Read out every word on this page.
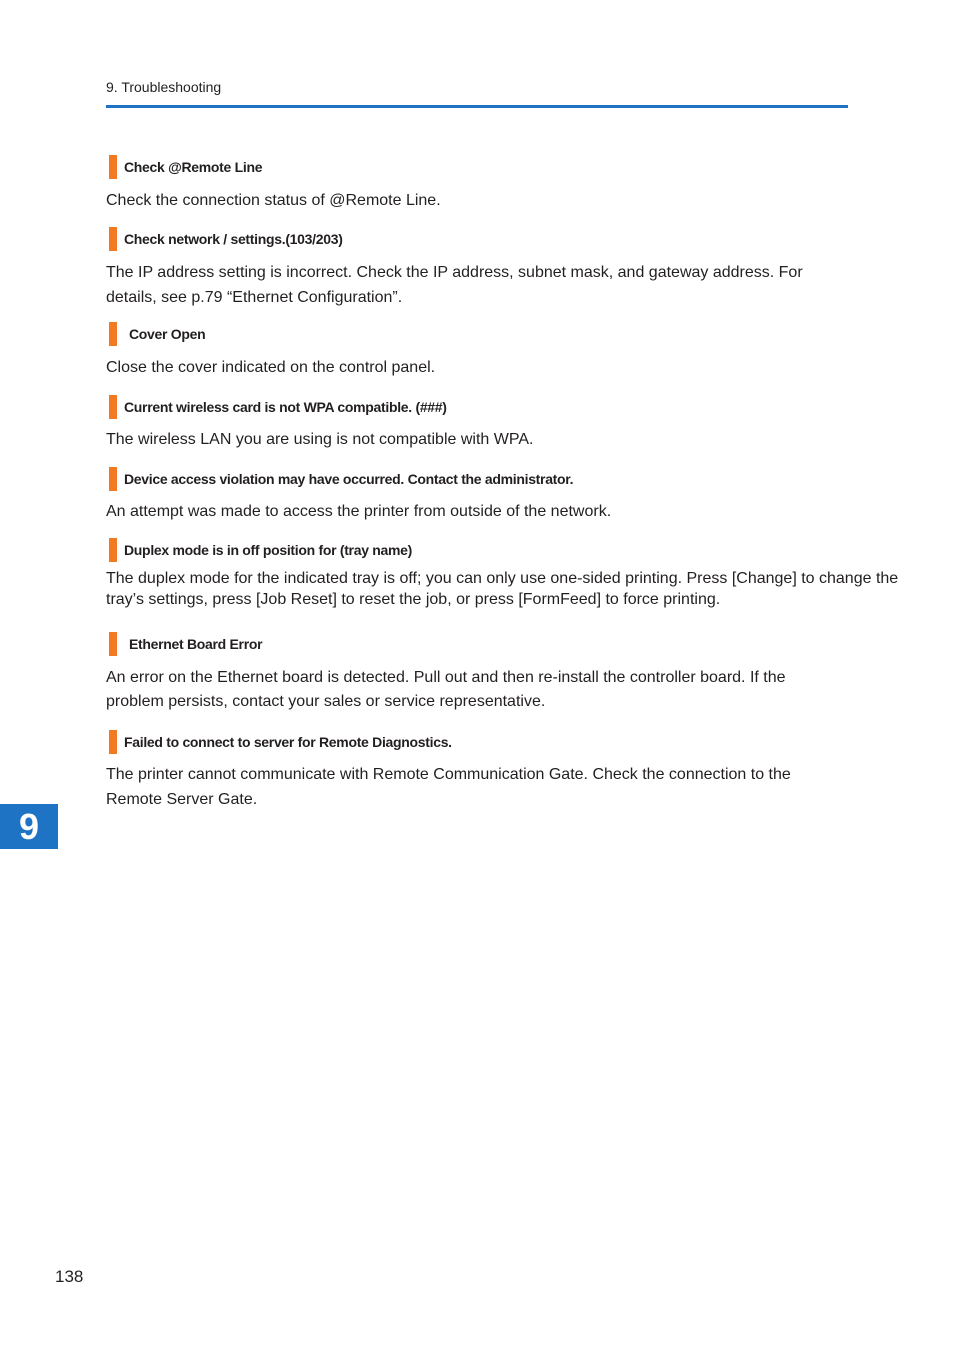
9. Troubleshooting
Check @Remote Line

Check the connection status of @Remote Line.

Check network / settings.(103/203)

The IP address setting is incorrect. Check the IP address, subnet mask, and gateway address. For details, see p.79 “Ethernet Configuration”.

Cover Open

Close the cover indicated on the control panel.

Current wireless card is not WPA compatible. (###)

The wireless LAN you are using is not compatible with WPA.

Device access violation may have occurred. Contact the administrator.

An attempt was made to access the printer from outside of the network.

Duplex mode is in off position for (tray name)

The duplex mode for the indicated tray is off; you can only use one-sided printing. Press [Change] to change the tray’s settings, press [Job Reset] to reset the job, or press [FormFeed] to force printing.

Ethernet Board Error

An error on the Ethernet board is detected. Pull out and then re-install the controller board. If the problem persists, contact your sales or service representative.

Failed to connect to server for Remote Diagnostics.

The printer cannot communicate with Remote Communication Gate. Check the connection to the Remote Server Gate.

9
138
